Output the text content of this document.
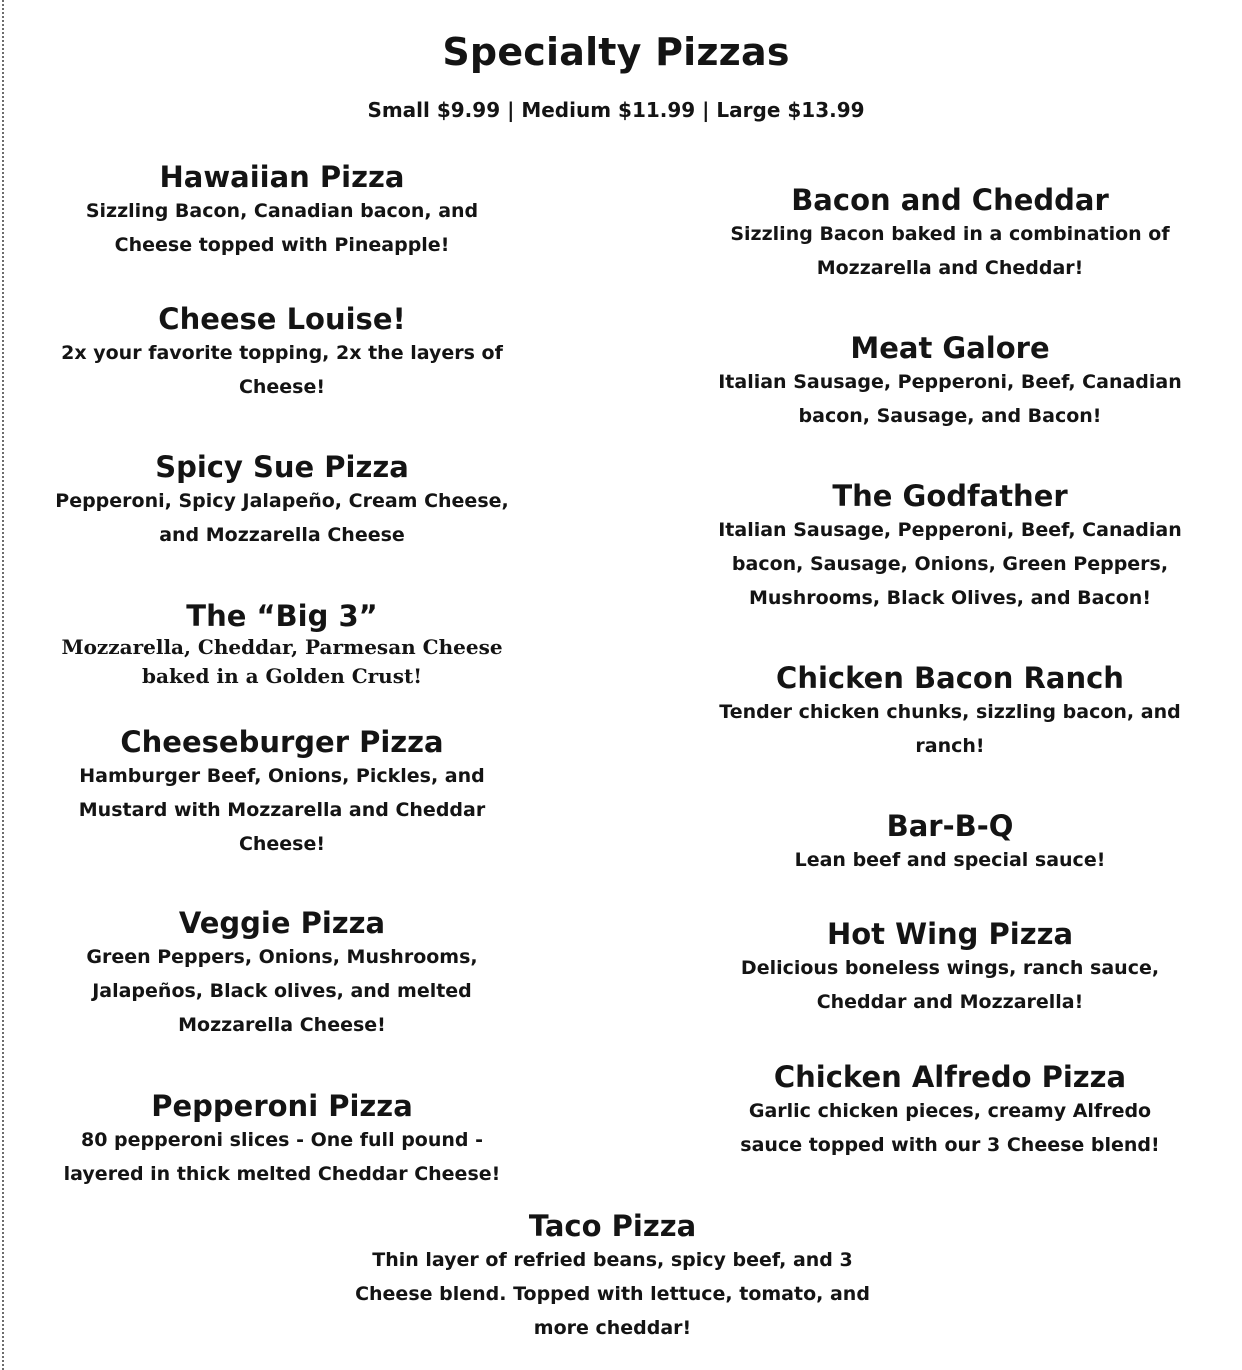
Specialty Pizzas
Small $9.99 | Medium $11.99 | Large $13.99
Hawaiian Pizza
Sizzling Bacon, Canadian bacon, and
Cheese topped with Pineapple!
Cheese Louise!
2x your favorite topping, 2x the layers of
Cheese!
Spicy Sue Pizza
Pepperoni, Spicy Jalapeño, Cream Cheese,
and Mozzarella Cheese
The “Big 3”
Mozzarella, Cheddar, Parmesan Cheese
baked in a Golden Crust!
Cheeseburger Pizza
Hamburger Beef, Onions, Pickles, and
Mustard with Mozzarella and Cheddar
Cheese!
Veggie Pizza
Green Peppers, Onions, Mushrooms,
Jalapeños, Black olives, and melted
Mozzarella Cheese!
Pepperoni Pizza
80 pepperoni slices - One full pound -
layered in thick melted Cheddar Cheese!
Bacon and Cheddar
Sizzling Bacon baked in a combination of
Mozzarella and Cheddar!
Meat Galore
Italian Sausage, Pepperoni, Beef, Canadian
bacon, Sausage, and Bacon!
The Godfather
Italian Sausage, Pepperoni, Beef, Canadian
bacon, Sausage, Onions, Green Peppers,
Mushrooms, Black Olives, and Bacon!
Chicken Bacon Ranch
Tender chicken chunks, sizzling bacon, and
ranch!
Bar-B-Q
Lean beef and special sauce!
Hot Wing Pizza
Delicious boneless wings, ranch sauce,
Cheddar and Mozzarella!
Chicken Alfredo Pizza
Garlic chicken pieces, creamy Alfredo
sauce topped with our 3 Cheese blend!
Taco Pizza
Thin layer of refried beans, spicy beef, and 3
Cheese blend. Topped with lettuce, tomato, and
more cheddar!
